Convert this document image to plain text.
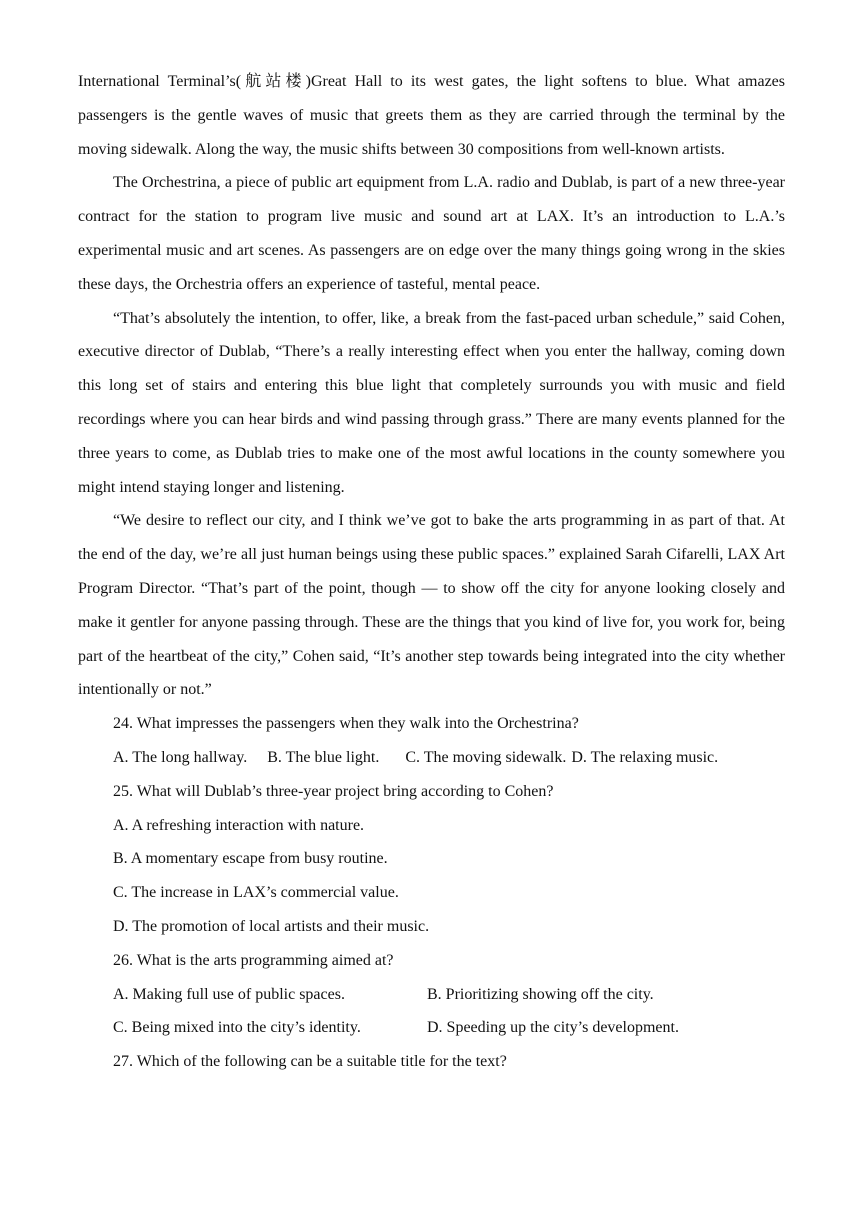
International Terminal’s(航站楼)Great Hall to its west gates, the light softens to blue. What amazes passengers is the gentle waves of music that greets them as they are carried through the terminal by the moving sidewalk. Along the way, the music shifts between 30 compositions from well-known artists.

The Orchestrina, a piece of public art equipment from L.A. radio and Dublab, is part of a new three-year contract for the station to program live music and sound art at LAX. It’s an introduction to L.A.’s experimental music and art scenes. As passengers are on edge over the many things going wrong in the skies these days, the Orchestria offers an experience of tasteful, mental peace.

“That’s absolutely the intention, to offer, like, a break from the fast-paced urban schedule,” said Cohen, executive director of Dublab, “There’s a really interesting effect when you enter the hallway, coming down this long set of stairs and entering this blue light that completely surrounds you with music and field recordings where you can hear birds and wind passing through grass.” There are many events planned for the three years to come, as Dublab tries to make one of the most awful locations in the county somewhere you might intend staying longer and listening.

“We desire to reflect our city, and I think we’ve got to bake the arts programming in as part of that. At the end of the day, we’re all just human beings using these public spaces.” explained Sarah Cifarelli, LAX Art Program Director. “That’s part of the point, though — to show off the city for anyone looking closely and make it gentler for anyone passing through. These are the things that you kind of live for, you work for, being part of the heartbeat of the city,” Cohen said, “It’s another step towards being integrated into the city whether intentionally or not.”

24. What impresses the passengers when they walk into the Orchestrina?

A. The long hallway. B. The blue light. C. The moving sidewalk. D. The relaxing music.

25. What will Dublab’s three-year project bring according to Cohen?

A. A refreshing interaction with nature.

B. A momentary escape from busy routine.

C. The increase in LAX’s commercial value.

D. The promotion of local artists and their music.

26. What is the arts programming aimed at?

A. Making full use of public spaces.	B. Prioritizing showing off the city.

C. Being mixed into the city’s identity.	D. Speeding up the city’s development.

27. Which of the following can be a suitable title for the text?
